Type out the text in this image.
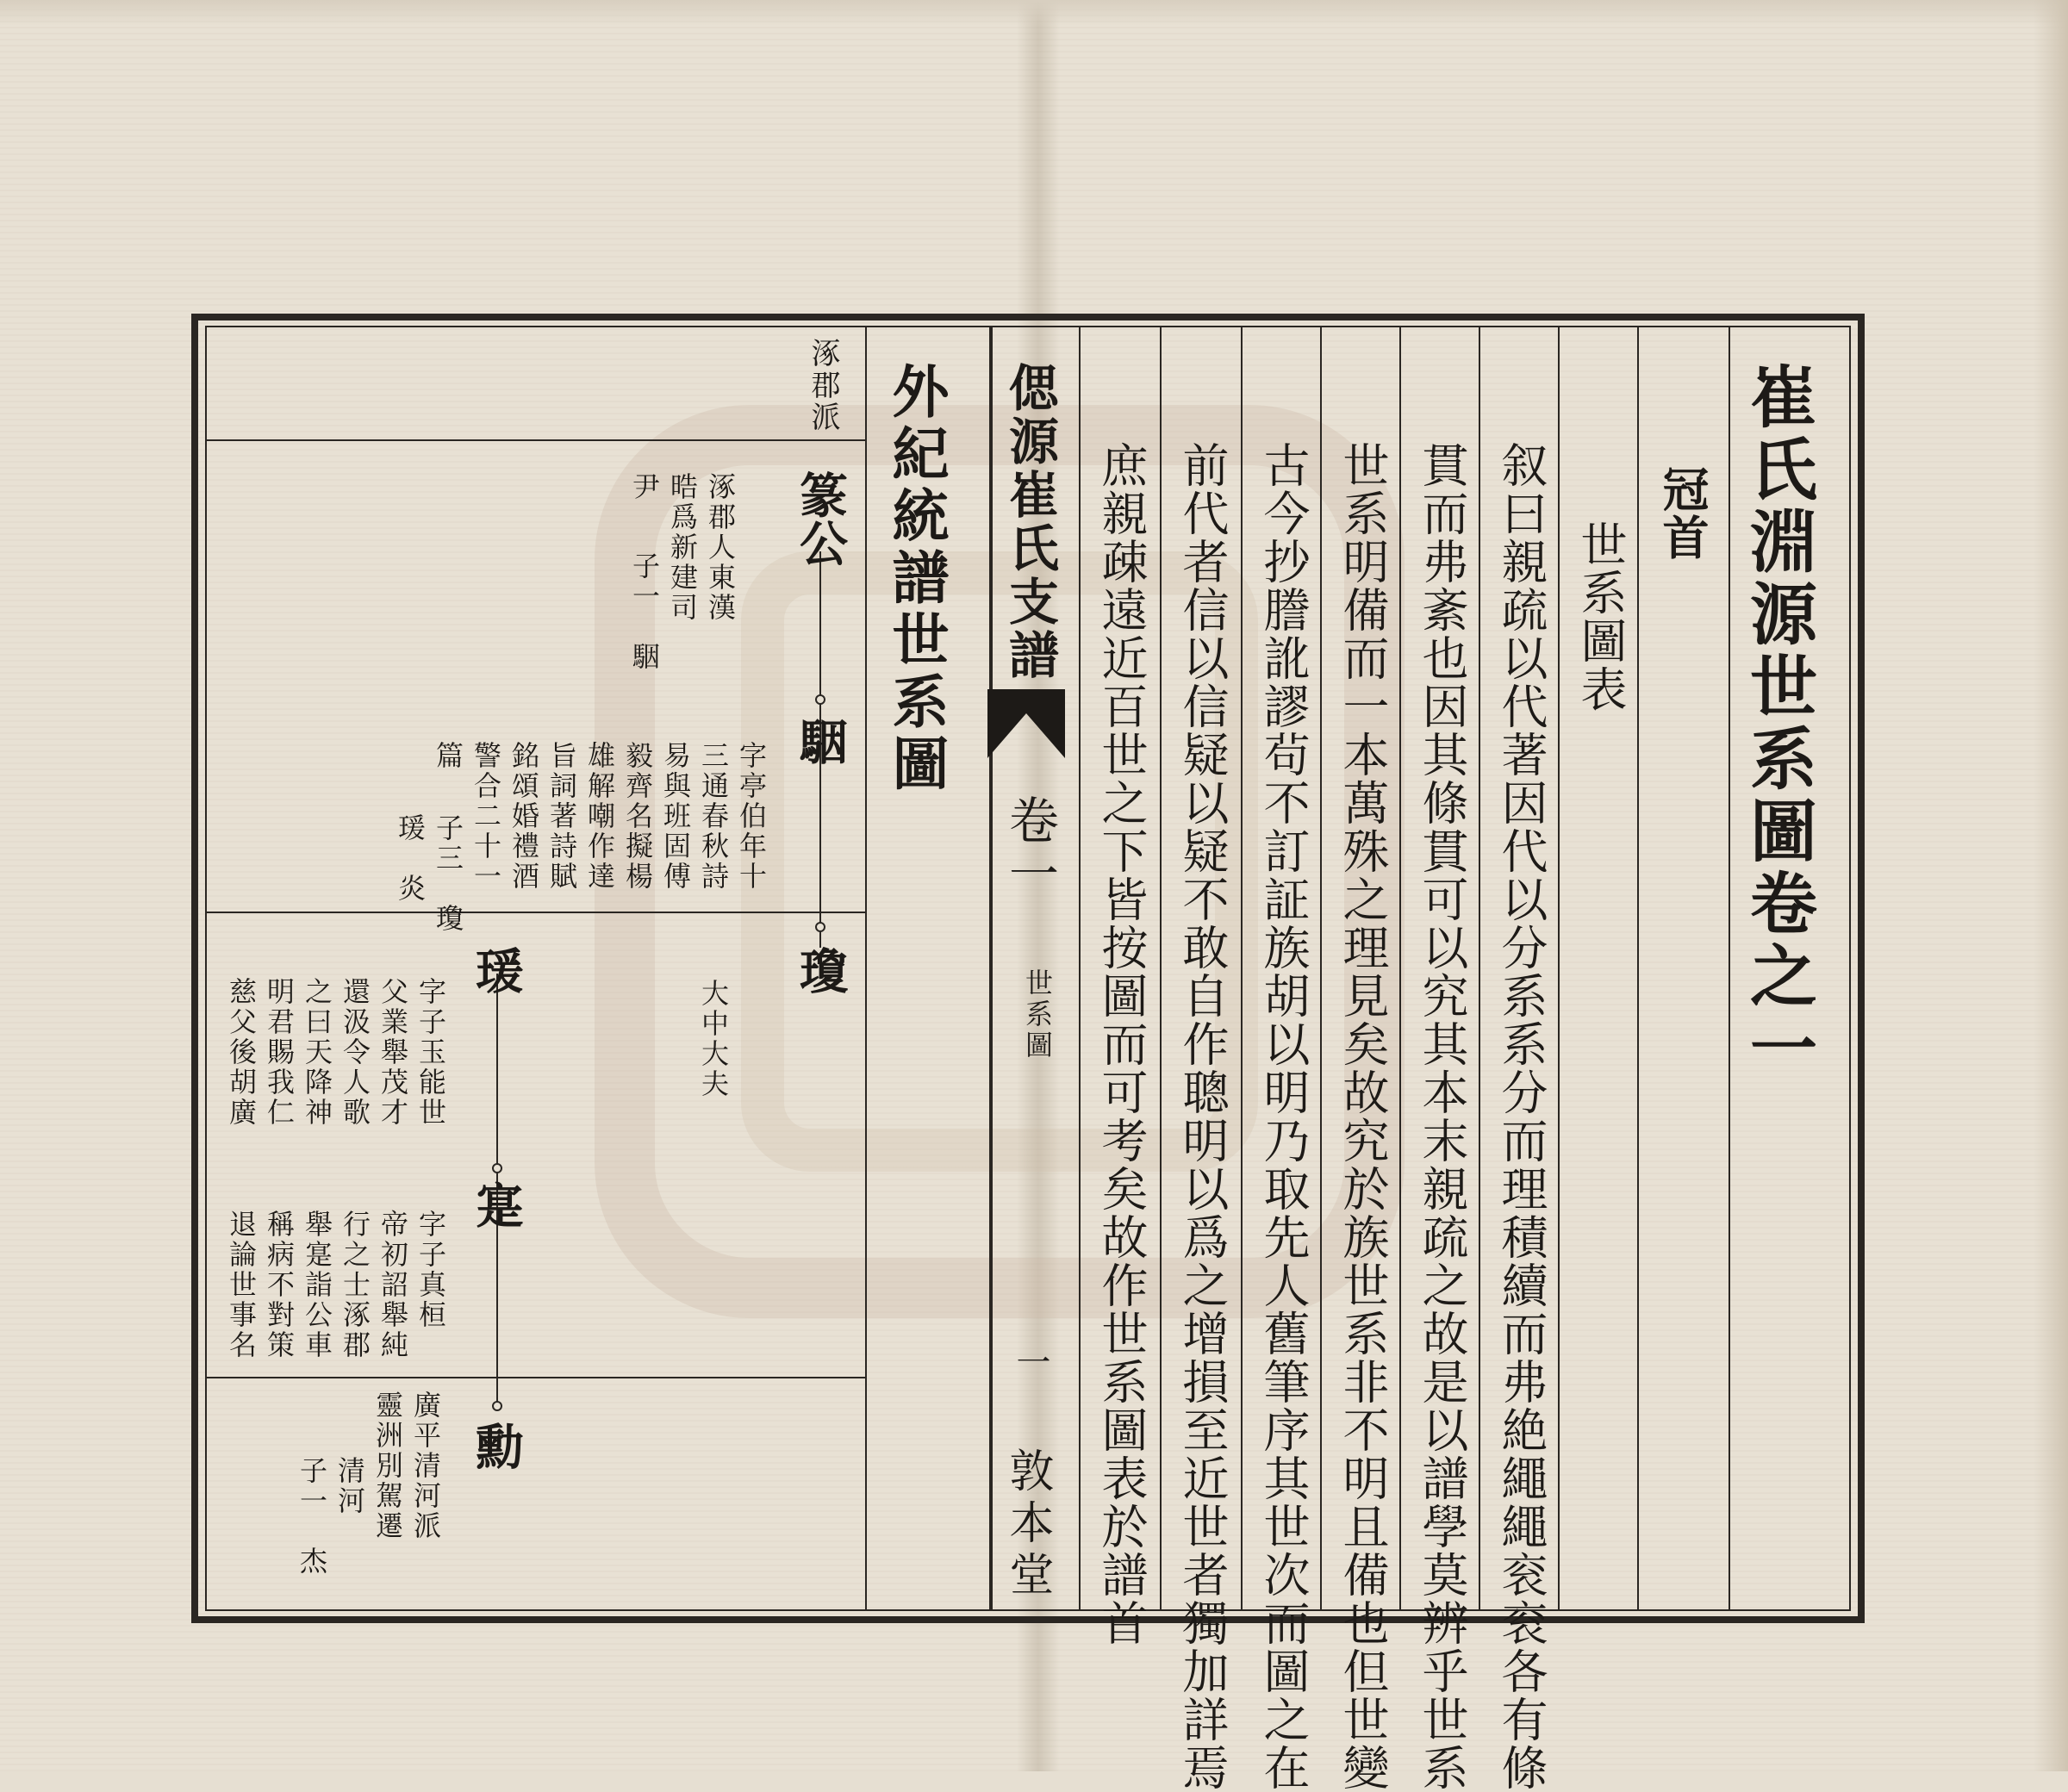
崔氏淵源世系圖卷之一
冠首
世系圖表
叙曰親疏以代著因代以分系系分而理積續而弗絶繩繩衮衮各有條
貫而弗紊也因其條貫可以究其本末親疏之故是以譜學莫辨乎世系
世系明備而一本萬殊之理見矣故究於族世系非不明且備也但世變
古今抄謄訛謬茍不訂証族胡以明乃取先人舊筆序其世次而圖之在
前代者信以信疑以疑不敢自作聰明以爲之增損至近世者獨加詳焉
庶親疎遠近百世之下皆按圖而可考矣故作世系圖表於譜首
偲源崔氏支譜
卷一
世系圖
一
敦本堂
外紀統譜世系圖
涿郡派
廣平清河派
篆公
涿郡人東漢
晧爲新建司
尹
子一　駰
駰
字亭伯年十
三通春秋詩
易與班固傅
毅齊名擬楊
雄解嘲作達
旨詞著詩賦
銘頌婚禮酒
警合二十一
篇
子三　瓊
瑗　炎
瓊
大中大夫
瑗
字子玉能世
父業舉茂才
還汲令人歌
之曰天降神
明君賜我仁
慈父後胡廣
寔
字子真桓
帝初詔舉純
行之士涿郡
舉寔詣公車
稱病不對策
退論世事名
勳
靈洲別駕遷
清河
子一　杰
